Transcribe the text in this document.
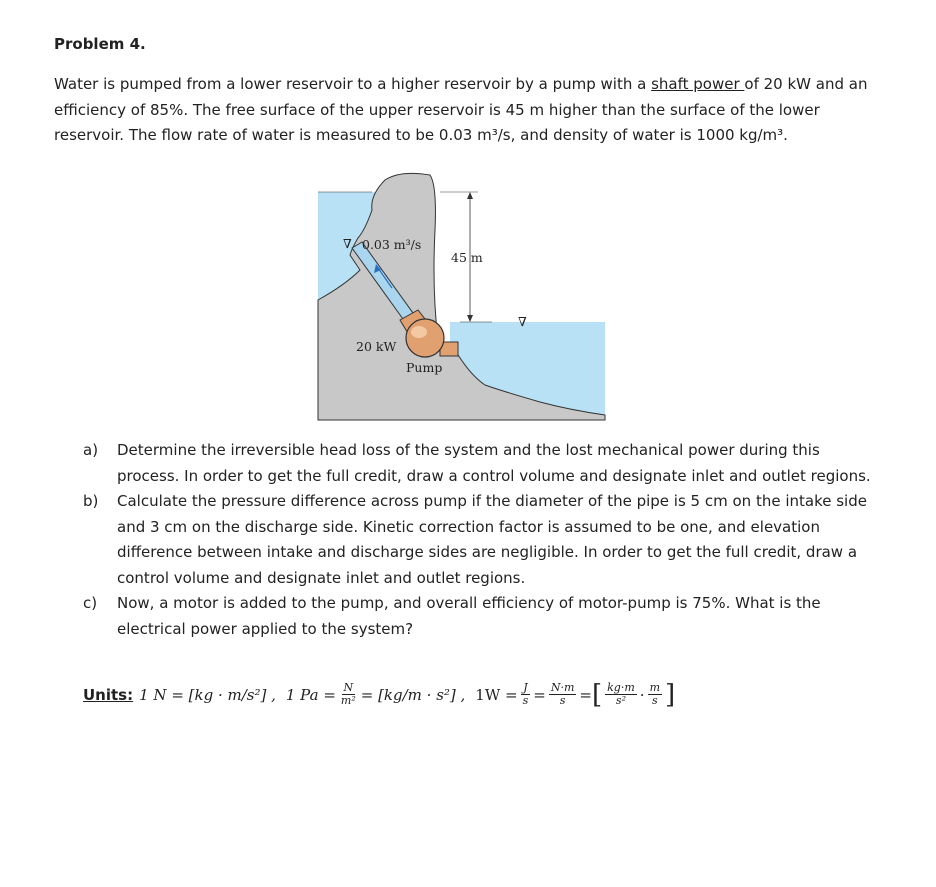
Problem 4.
Water is pumped from a lower reservoir to a higher reservoir by a pump with a shaft power of 20 kW and an efficiency of 85%. The free surface of the upper reservoir is 45 m higher than the surface of the lower reservoir. The flow rate of water is measured to be 0.03 m³/s, and density of water is 1000 kg/m³.
∇
∇
0.03 m³/s
45 m
20 kW
Pump
a) Determine the irreversible head loss of the system and the lost mechanical power during this process. In order to get the full credit, draw a control volume and designate inlet and outlet regions.
b) Calculate the pressure difference across pump if the diameter of the pipe is 5 cm on the intake side and 3 cm on the discharge side. Kinetic correction factor is assumed to be one, and elevation difference between intake and discharge sides are negligible. In order to get the full credit, draw a control volume and designate inlet and outlet regions.
c) Now, a motor is added to the pump, and overall efficiency of motor-pump is 75%. What is the electrical power applied to the system?
Units: 1 N = [kg · m/s²] , 1 $Pa = \frac{N}{\text{m²}} = [kg/m \cdot s^2]$ , $1W = \frac{J}{s} = \frac{N\cdot m}{s}$ = [ $\frac{kg\cdot m}{\text{s²}} \cdot \frac{m}{s}$ ]
